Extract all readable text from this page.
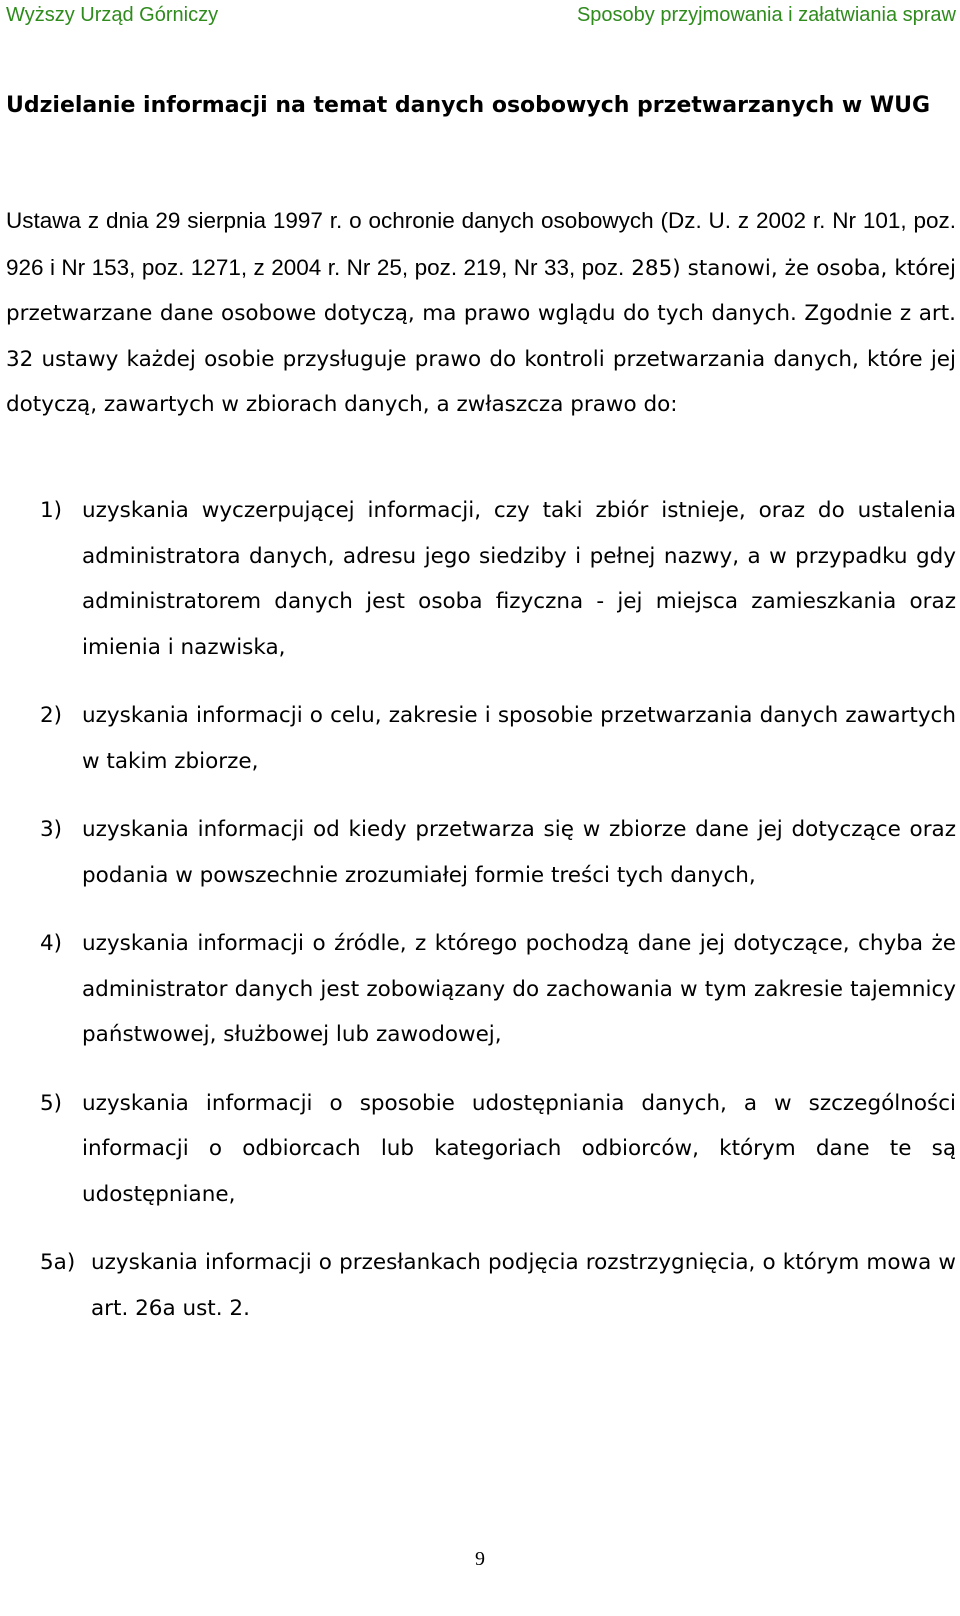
Wyższy Urząd Górniczy	Sposoby przyjmowania i załatwiania spraw
Udzielanie informacji na temat danych osobowych przetwarzanych w WUG

Ustawa z dnia 29 sierpnia 1997 r. o ochronie danych osobowych (Dz. U. z 2002 r. Nr 101, poz. 926 i Nr 153, poz. 1271, z 2004 r. Nr 25, poz. 219, Nr 33, poz. 285) stanowi, że osoba, której przetwarzane dane osobowe dotyczą, ma prawo wglądu do tych danych. Zgodnie z art. 32 ustawy każdej osobie przysługuje prawo do kontroli przetwarzania danych, które jej dotyczą, zawartych w zbiorach danych, a zwłaszcza prawo do:

1) uzyskania wyczerpującej informacji, czy taki zbiór istnieje, oraz do ustalenia administratora danych, adresu jego siedziby i pełnej nazwy, a w przypadku gdy administratorem danych jest osoba fizyczna - jej miejsca zamieszkania oraz imienia i nazwiska,
2) uzyskania informacji o celu, zakresie i sposobie przetwarzania danych zawartych w takim zbiorze,
3) uzyskania informacji od kiedy przetwarza się w zbiorze dane jej dotyczące oraz podania w powszechnie zrozumiałej formie treści tych danych,
4) uzyskania informacji o źródle, z którego pochodzą dane jej dotyczące, chyba że administrator danych jest zobowiązany do zachowania w tym zakresie tajemnicy państwowej, służbowej lub zawodowej,
5) uzyskania informacji o sposobie udostępniania danych, a w szczególności informacji o odbiorcach lub kategoriach odbiorców, którym dane te są udostępniane,
5a) uzyskania informacji o przesłankach podjęcia rozstrzygnięcia, o którym mowa w art. 26a ust. 2.
9
